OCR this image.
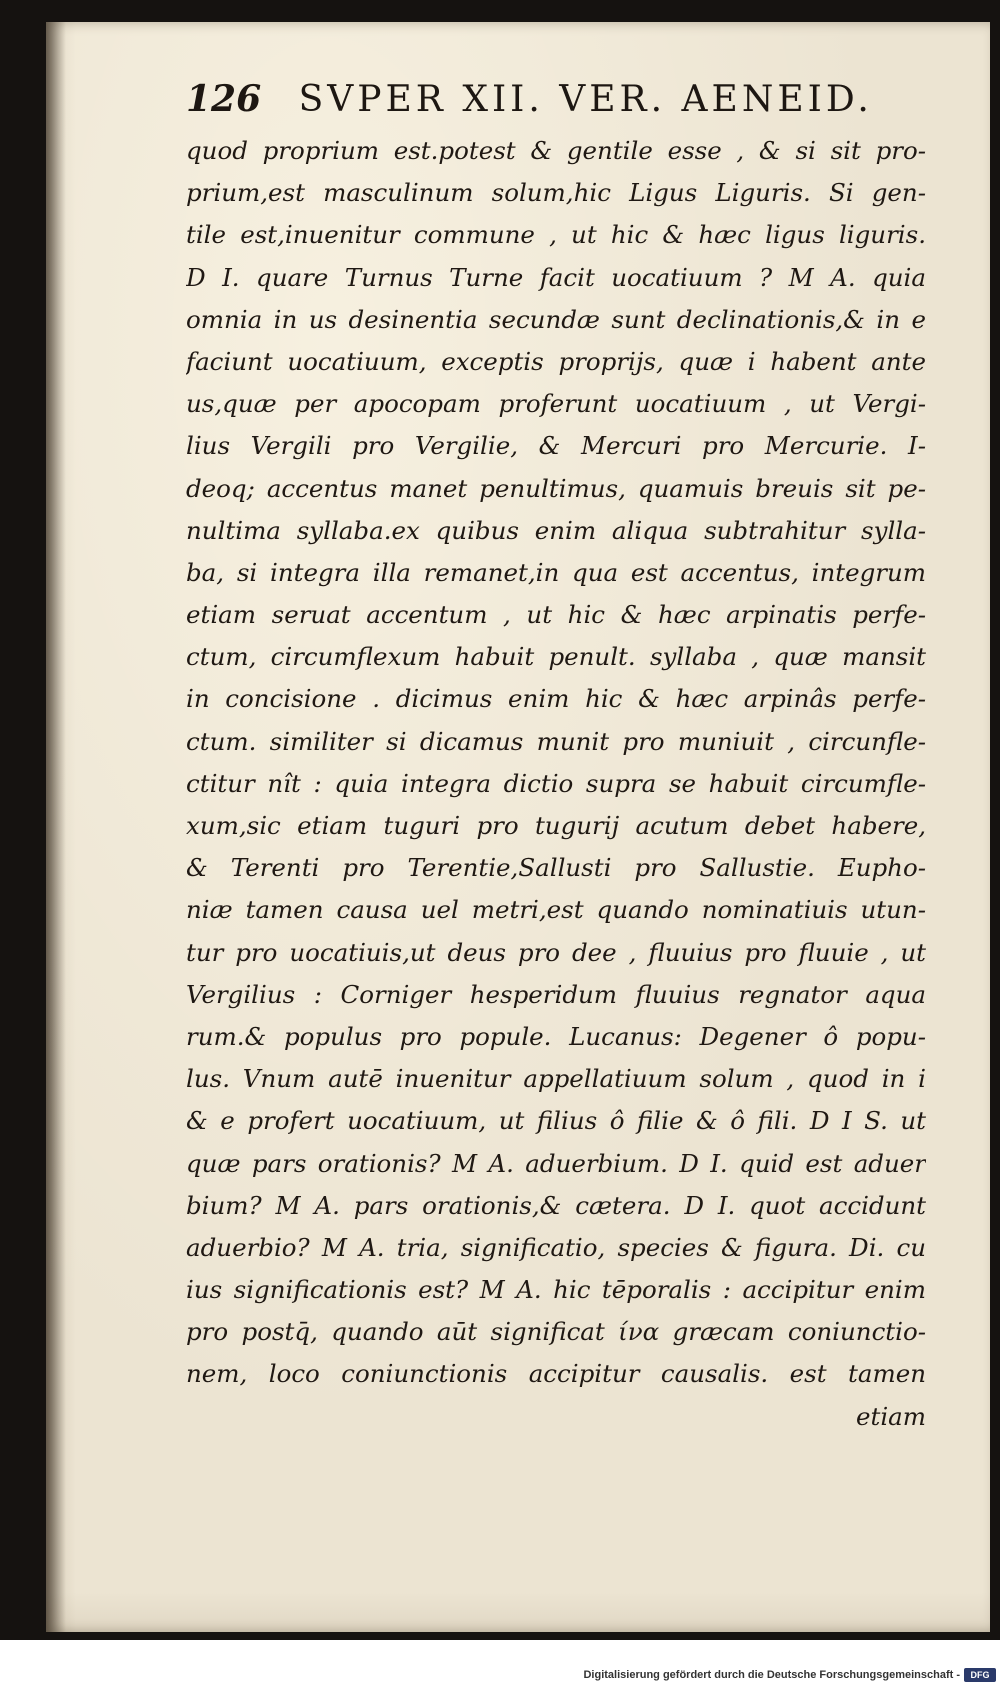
126 SVPER XII. VER. AENEID.
quod proprium est.potest & gentile esse , & si sit pro-
prium,est masculinum solum,hic Ligus Liguris. Si gen-
tile est,inuenitur commune , ut hic & hæc ligus liguris.
D I. quare Turnus Turne facit uocatiuum ? M A. quia
omnia in us desinentia secundæ sunt declinationis,& in e
faciunt uocatiuum, exceptis proprijs, quæ i habent ante
us,quæ per apocopam proferunt uocatiuum , ut Vergi-
lius Vergili pro Vergilie, & Mercuri pro Mercurie. I-
deoq; accentus manet penultimus, quamuis breuis sit pe-
nultima syllaba.ex quibus enim aliqua subtrahitur sylla-
ba, si integra illa remanet,in qua est accentus, integrum
etiam seruat accentum , ut hic & hæc arpinatis perfe-
ctum, circumflexum habuit penult. syllaba , quæ mansit
in concisione . dicimus enim hic & hæc arpinâs perfe-
ctum. similiter si dicamus munit pro muniuit , circunfle-
ctitur nît : quia integra dictio supra se habuit circumfle-
xum,sic etiam tuguri pro tugurij acutum debet habere,
& Terenti pro Terentie,Sallusti pro Sallustie. Eupho-
niæ tamen causa uel metri,est quando nominatiuis utun-
tur pro uocatiuis,ut deus pro dee , fluuius pro fluuie , ut
Vergilius : Corniger hesperidum fluuius regnator aqua
rum.& populus pro popule. Lucanus: Degener ô popu-
lus. Vnum autē inuenitur appellatiuum solum , quod in i
& e profert uocatiuum, ut filius ô filie & ô fili. D I S. ut
quæ pars orationis? M A. aduerbium. D I. quid est aduer
bium? M A. pars orationis,& cætera. D I. quot accidunt
aduerbio? M A. tria, significatio, species & figura. Di. cu
ius significationis est? M A. hic tēporalis : accipitur enim
pro postq̄, quando aūt significat ίνα græcam coniunctio-
nem, loco coniunctionis accipitur causalis. est tamen
etiam
Digitalisierung gefördert durch die Deutsche Forschungsgemeinschaft -	DFG
